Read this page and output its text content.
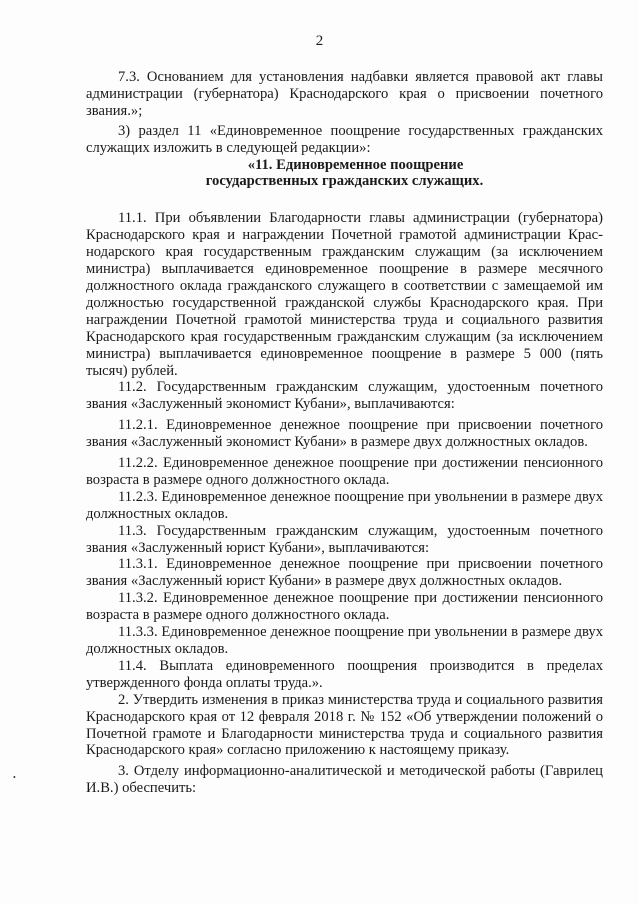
2

7.3. Основанием для установления надбавки является правовой акт главы администрации (губернатора) Краснодарского края о присвоении почетного звания.»;

3) раздел 11 «Единовременное поощрение государственных гражданских служащих изложить в следующей редакции»:

«11. Единовременное поощрение
государственных гражданских служащих.

11.1. При объявлении Благодарности главы администрации (губернатора) Краснодарского края и награждении Почетной грамотой администрации Краснодарского края государственным гражданским служащим (за исключением министра) выплачивается единовременное поощрение в размере месячного должностного оклада гражданского служащего в соответствии с замещаемой им должностью государственной гражданской службы Краснодарского края. При награждении Почетной грамотой министерства труда и социального развития Краснодарского края государственным гражданским служащим (за исключением министра) выплачивается единовременное поощрение в размере 5 000 (пять тысяч) рублей.

11.2. Государственным гражданским служащим, удостоенным почетного звания «Заслуженный экономист Кубани», выплачиваются:

11.2.1. Единовременное денежное поощрение при присвоении почетного звания «Заслуженный экономист Кубани» в размере двух должностных окладов.

11.2.2. Единовременное денежное поощрение при достижении пенсионного возраста в размере одного должностного оклада.

11.2.3. Единовременное денежное поощрение при увольнении в размере двух должностных окладов.

11.3. Государственным гражданским служащим, удостоенным почетного звания «Заслуженный юрист Кубани», выплачиваются:

11.3.1. Единовременное денежное поощрение при присвоении почетного звания «Заслуженный юрист Кубани» в размере двух должностных окладов.

11.3.2. Единовременное денежное поощрение при достижении пенсионного возраста в размере одного должностного оклада.

11.3.3. Единовременное денежное поощрение при увольнении в размере двух должностных окладов.

11.4. Выплата единовременного поощрения производится в пределах утвержденного фонда оплаты труда.».

2. Утвердить изменения в приказ министерства труда и социального развития Краснодарского края от 12 февраля 2018 г. № 152 «Об утверждении положений о Почетной грамоте и Благодарности министерства труда и социального развития Краснодарского края» согласно приложению к настоящему приказу.

3. Отделу информационно-аналитической и методической работы (Гаврилец И.В.) обеспечить:

•
